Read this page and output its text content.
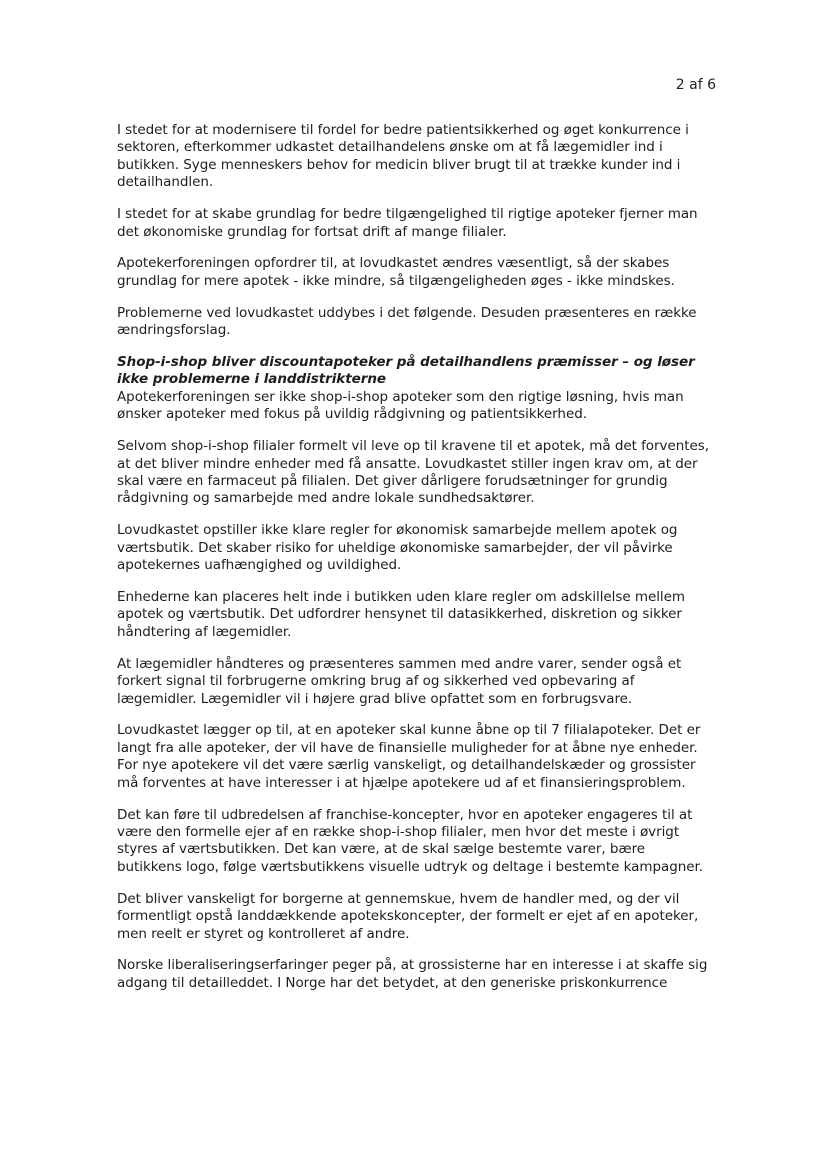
2 af 6

I stedet for at modernisere til fordel for bedre patientsikkerhed og øget konkurrence i sektoren, efterkommer udkastet detailhandelens ønske om at få lægemidler ind i butikken. Syge menneskers behov for medicin bliver brugt til at trække kunder ind i detailhandlen.

I stedet for at skabe grundlag for bedre tilgængelighed til rigtige apoteker fjerner man det økonomiske grundlag for fortsat drift af mange filialer.

Apotekerforeningen opfordrer til, at lovudkastet ændres væsentligt, så der skabes grundlag for mere apotek - ikke mindre, så tilgængeligheden øges - ikke mindskes.

Problemerne ved lovudkastet uddybes i det følgende. Desuden præsenteres en række ændringsforslag.

Shop-i-shop bliver discountapoteker på detailhandlens præmisser – og løser ikke problemerne i landdistrikterne

Apotekerforeningen ser ikke shop-i-shop apoteker som den rigtige løsning, hvis man ønsker apoteker med fokus på uvildig rådgivning og patientsikkerhed.

Selvom shop-i-shop filialer formelt vil leve op til kravene til et apotek, må det forventes, at det bliver mindre enheder med få ansatte. Lovudkastet stiller ingen krav om, at der skal være en farmaceut på filialen. Det giver dårligere forudsætninger for grundig rådgivning og samarbejde med andre lokale sundhedsaktører.

Lovudkastet opstiller ikke klare regler for økonomisk samarbejde mellem apotek og værtsbutik. Det skaber risiko for uheldige økonomiske samarbejder, der vil påvirke apotekernes uafhængighed og uvildighed.

Enhederne kan placeres helt inde i butikken uden klare regler om adskillelse mellem apotek og værtsbutik. Det udfordrer hensynet til datasikkerhed, diskretion og sikker håndtering af lægemidler.

At lægemidler håndteres og præsenteres sammen med andre varer, sender også et forkert signal til forbrugerne omkring brug af og sikkerhed ved opbevaring af lægemidler. Lægemidler vil i højere grad blive opfattet som en forbrugsvare.

Lovudkastet lægger op til, at en apoteker skal kunne åbne op til 7 filialapoteker. Det er langt fra alle apoteker, der vil have de finansielle muligheder for at åbne nye enheder. For nye apotekere vil det være særlig vanskeligt, og detailhandelskæder og grossister må forventes at have interesser i at hjælpe apotekere ud af et finansieringsproblem.

Det kan føre til udbredelsen af franchise-koncepter, hvor en apoteker engageres til at være den formelle ejer af en række shop-i-shop filialer, men hvor det meste i øvrigt styres af værtsbutikken. Det kan være, at de skal sælge bestemte varer, bære butikkens logo, følge værtsbutikkens visuelle udtryk og deltage i bestemte kampagner.

Det bliver vanskeligt for borgerne at gennemskue, hvem de handler med, og der vil formentligt opstå landdækkende apotekskoncepter, der formelt er ejet af en apoteker, men reelt er styret og kontrolleret af andre.

Norske liberaliseringserfaringer peger på, at grossisterne har en interesse i at skaffe sig adgang til detailleddet. I Norge har det betydet, at den generiske priskonkurrence
